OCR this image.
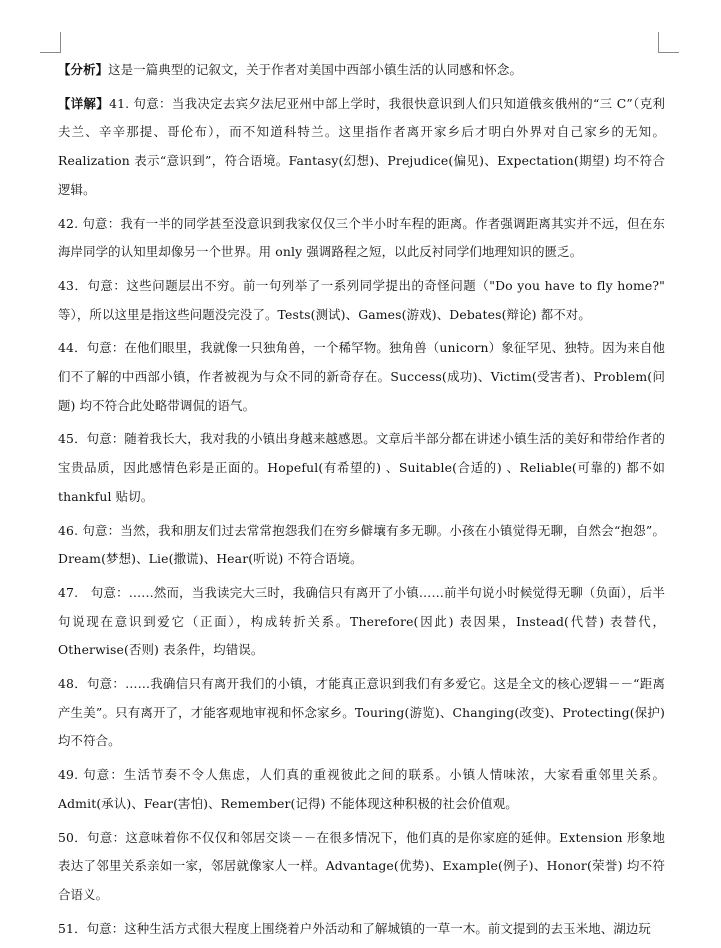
【分析】这是一篇典型的记叙文，关于作者对美国中西部小镇生活的认同感和怀念。

【详解】41. 句意：当我决定去宾夕法尼亚州中部上学时，我很快意识到人们只知道俄亥俄州的“三 C”（克利夫兰、辛辛那提、哥伦布），而不知道科特兰。这里指作者离开家乡后才明白外界对自己家乡的无知。Realization 表示“意识到”，符合语境。Fantasy(幻想)、Prejudice(偏见)、Expectation(期望) 均不符合逻辑。

42. 句意：我有一半的同学甚至没意识到我家仅仅三个半小时车程的距离。作者强调距离其实并不远，但在东海岸同学的认知里却像另一个世界。用 only 强调路程之短，以此反衬同学们地理知识的匮乏。

43．句意：这些问题层出不穷。前一句列举了一系列同学提出的奇怪问题（"Do you have to fly home?" 等），所以这里是指这些问题没完没了。Tests(测试)、Games(游戏)、Debates(辩论) 都不对。

44．句意：在他们眼里，我就像一只独角兽，一个稀罕物。独角兽（unicorn）象征罕见、独特。因为来自他们不了解的中西部小镇，作者被视为与众不同的新奇存在。Success(成功)、Victim(受害者)、Problem(问题) 均不符合此处略带调侃的语气。

45．句意：随着我长大，我对我的小镇出身越来越感恩。文章后半部分都在讲述小镇生活的美好和带给作者的宝贵品质，因此感情色彩是正面的。Hopeful(有希望的) 、Suitable(合适的) 、Reliable(可靠的) 都不如 thankful 贴切。

46. 句意：当然，我和朋友们过去常常抱怨我们在穷乡僻壤有多无聊。小孩在小镇觉得无聊，自然会“抱怨”。Dream(梦想)、Lie(撒谎)、Hear(听说) 不符合语境。

47.　句意：……然而，当我读完大三时，我确信只有离开了小镇……前半句说小时候觉得无聊（负面），后半句说现在意识到爱它（正面），构成转折关系。Therefore(因此) 表因果，Instead(代替) 表替代，Otherwise(否则) 表条件，均错误。

48．句意：……我确信只有离开我们的小镇，才能真正意识到我们有多爱它。这是全文的核心逻辑－－“距离产生美”。只有离开了，才能客观地审视和怀念家乡。Touring(游览)、Changing(改变)、Protecting(保护) 均不符合。

49. 句意：生活节奏不令人焦虑，人们真的重视彼此之间的联系。小镇人情味浓，大家看重邻里关系。Admit(承认)、Fear(害怕)、Remember(记得) 不能体现这种积极的社会价值观。

50．句意：这意味着你不仅仅和邻居交谈－－在很多情况下，他们真的是你家庭的延伸。Extension 形象地表达了邻里关系亲如一家，邻居就像家人一样。Advantage(优势)、Example(例子)、Honor(荣誉) 均不符合语义。

51．句意：这种生活方式很大程度上围绕着户外活动和了解城镇的一草一木。前文提到的去玉米地、湖边玩
